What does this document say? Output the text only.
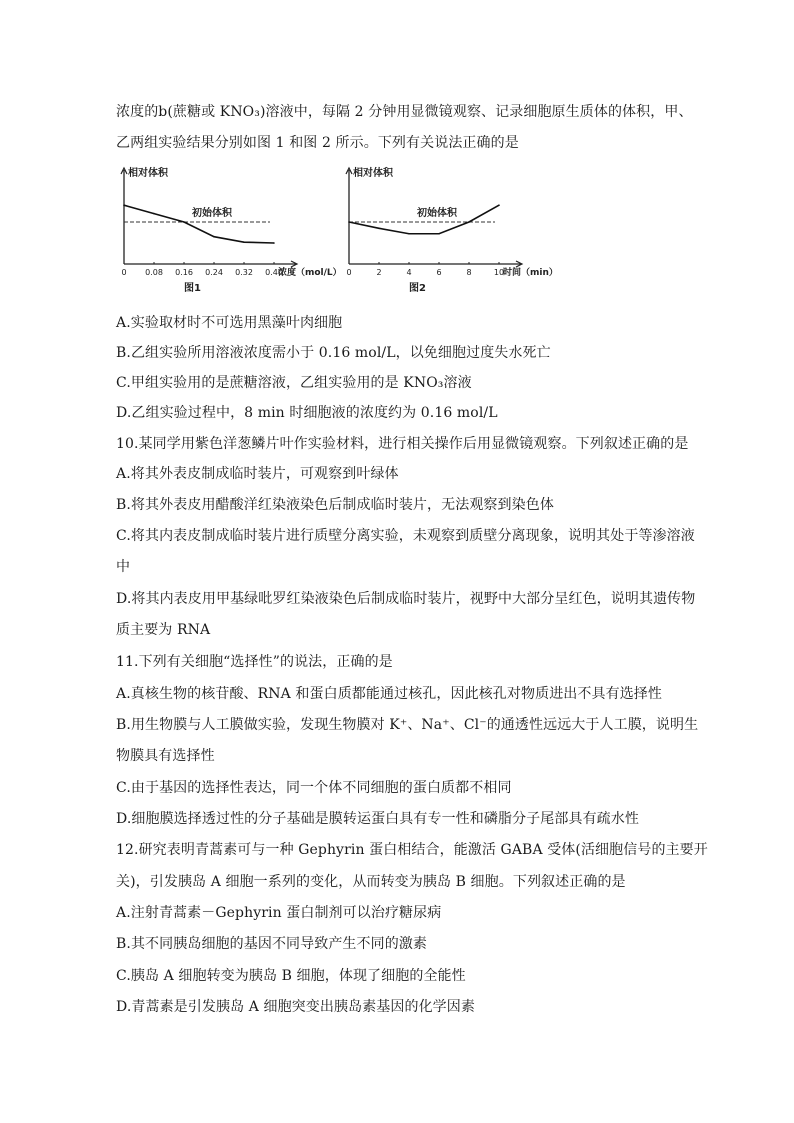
浓度的b(蔗糖或 KNO₃)溶液中，每隔 2 分钟用显微镜观察、记录细胞原生质体的体积，甲、
乙两组实验结果分别如图 1 和图 2 所示。下列有关说法正确的是
相对体积
初始体积
0 0.08 0.16 0.24 0.32 0.40
浓度（mol/L）
图1
相对体积
初始体积
0	2	4	6	8	10
时间（min）
图2
A.实验取材时不可选用黑藻叶肉细胞
B.乙组实验所用溶液浓度需小于 0.16 mol/L，以免细胞过度失水死亡
C.甲组实验用的是蔗糖溶液，乙组实验用的是 KNO₃溶液
D.乙组实验过程中，8 min 时细胞液的浓度约为 0.16 mol/L
10.某同学用紫色洋葱鳞片叶作实验材料，进行相关操作后用显微镜观察。下列叙述正确的是
A.将其外表皮制成临时装片，可观察到叶绿体
B.将其外表皮用醋酸洋红染液染色后制成临时装片，无法观察到染色体
C.将其内表皮制成临时装片进行质壁分离实验，未观察到质壁分离现象，说明其处于等渗溶液
中
D.将其内表皮用甲基绿吡罗红染液染色后制成临时装片，视野中大部分呈红色，说明其遗传物
质主要为 RNA
11.下列有关细胞“选择性”的说法，正确的是
A.真核生物的核苷酸、RNA 和蛋白质都能通过核孔，因此核孔对物质进出不具有选择性
B.用生物膜与人工膜做实验，发现生物膜对 K⁺、Na⁺、Cl⁻的通透性远远大于人工膜，说明生
物膜具有选择性
C.由于基因的选择性表达，同一个体不同细胞的蛋白质都不相同
D.细胞膜选择透过性的分子基础是膜转运蛋白具有专一性和磷脂分子尾部具有疏水性
12.研究表明青蒿素可与一种 Gephyrin 蛋白相结合，能激活 GABA 受体(活细胞信号的主要开
关)，引发胰岛 A 细胞一系列的变化，从而转变为胰岛 B 细胞。下列叙述正确的是
A.注射青蒿素－Gephyrin 蛋白制剂可以治疗糖尿病
B.其不同胰岛细胞的基因不同导致产生不同的激素
C.胰岛 A 细胞转变为胰岛 B 细胞，体现了细胞的全能性
D.青蒿素是引发胰岛 A 细胞突变出胰岛素基因的化学因素
